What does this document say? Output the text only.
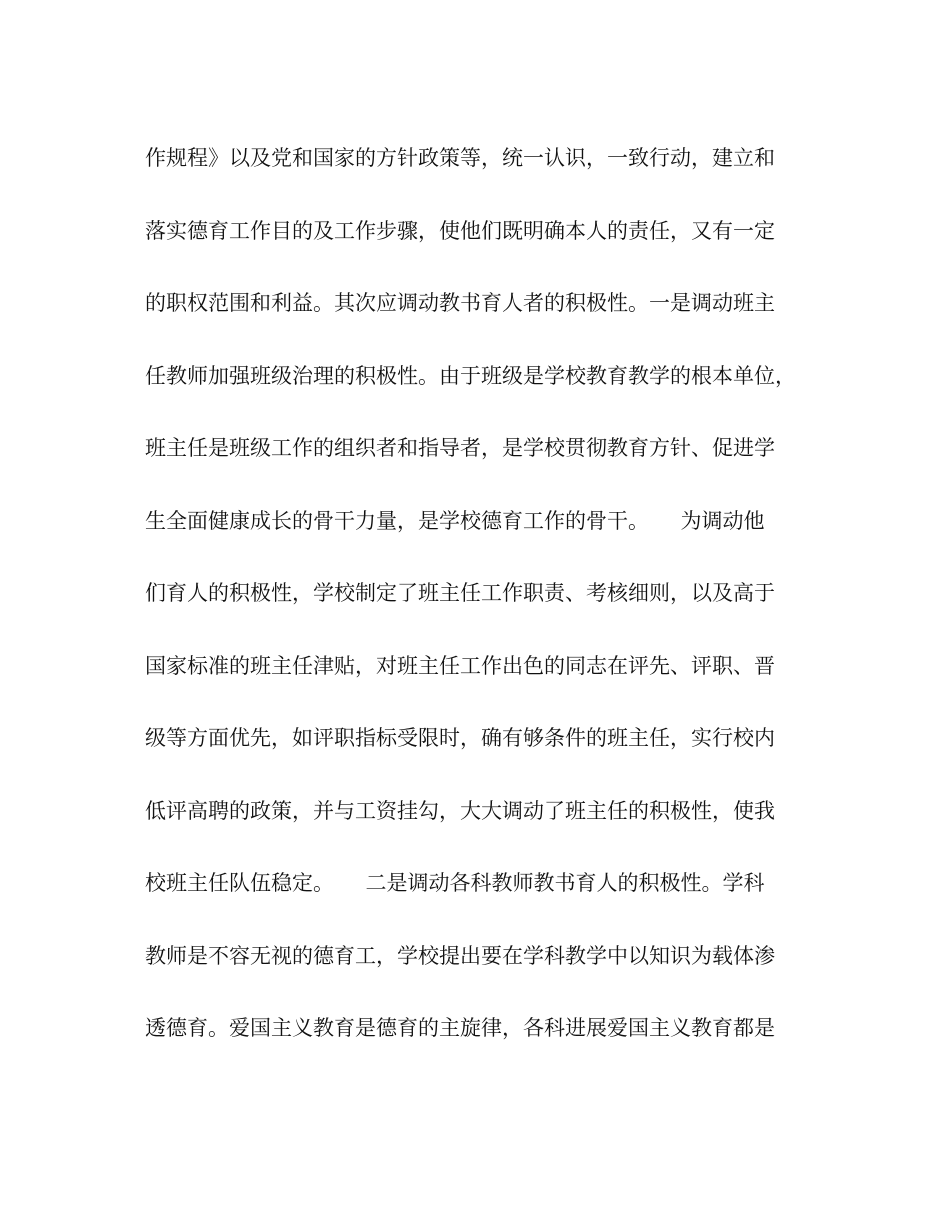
作规程》以及党和国家的方针政策等，统一认识，一致行动，建立和
落实德育工作目的及工作步骤，使他们既明确本人的责任，又有一定
的职权范围和利益。其次应调动教书育人者的积极性。一是调动班主
任教师加强班级治理的积极性。由于班级是学校教育教学的根本单位，
班主任是班级工作的组织者和指导者，是学校贯彻教育方针、促进学
生全面健康成长的骨干力量，是学校德育工作的骨干。　　为调动他
们育人的积极性，学校制定了班主任工作职责、考核细则，以及高于
国家标准的班主任津贴，对班主任工作出色的同志在评先、评职、晋
级等方面优先，如评职指标受限时，确有够条件的班主任，实行校内
低评高聘的政策，并与工资挂勾，大大调动了班主任的积极性，使我
校班主任队伍稳定。　　二是调动各科教师教书育人的积极性。学科
教师是不容无视的德育工，学校提出要在学科教学中以知识为载体渗
透德育。爱国主义教育是德育的主旋律，各科进展爱国主义教育都是
